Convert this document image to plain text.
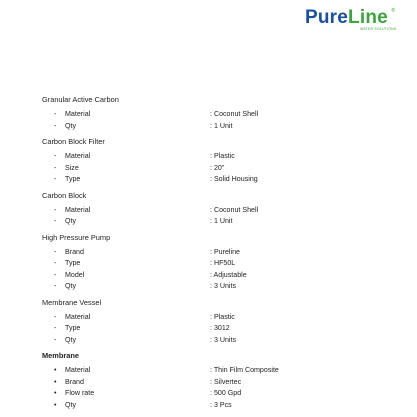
PureLine ®
WATER SOLUTIONS
Granular Active Carbon
- Material	: Coconut Shell
- Qty	: 1 Unit
Carbon Block Filter
- Material	: Plastic
- Size	: 20"
- Type	: Solid Housing
Carbon Block
- Material	: Coconut Shell
- Qty	: 1 Unit
High Pressure Pump
- Brand	: Pureline
- Type	: HF50L
- Model	: Adjustable
- Qty	: 3 Units
Membrane Vessel
- Material	: Plastic
- Type	: 3012
- Qty	: 3 Units
Membrane
• Material	: Thin Film Composite
• Brand	: Silvertec
• Flow rate	: 500 Gpd
• Qty	: 3 Pcs
